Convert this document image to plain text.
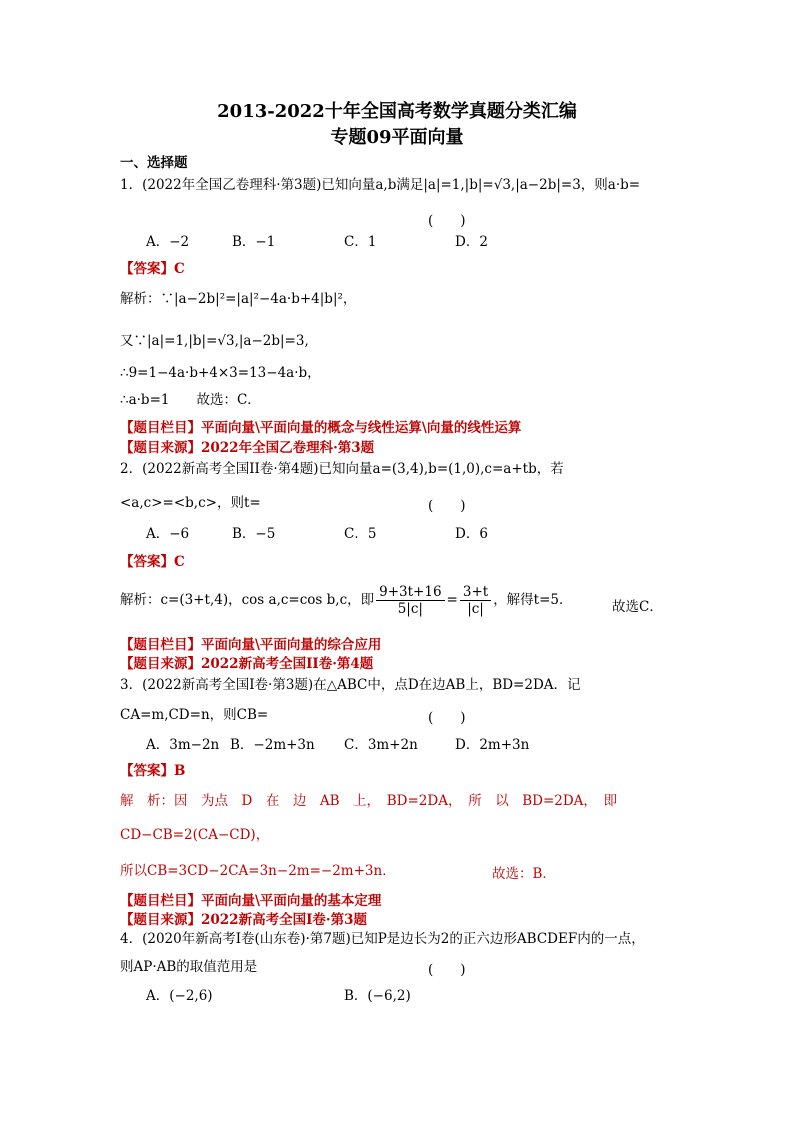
2013-2022十年全国高考数学真题分类汇编
专题09平面向量
一、选择题
1．(2022年全国乙卷理科·第3题)已知向量a,b满足|a|=1,|b|=√3,|a−2b|=3，则a·b=
(　　)
A．−2	B．−1	C．1	D．2
【答案】C
解析：∵|a−2b|²=|a|²−4a·b+4|b|²，
又∵|a|=1,|b|=√3,|a−2b|=3,
∴9=1−4a·b+4×3=13−4a·b，
∴a·b=1　　故选：C．
【题目栏目】平面向量\平面向量的概念与线性运算\向量的线性运算
【题目来源】2022年全国乙卷理科·第3题
2．(2022新高考全国II卷·第4题)已知向量a=(3,4),b=(1,0),c=a+tb，若
<a,c>=<b,c>，则t=	(　　)
A．−6	B．−5	C．5	D．6
【答案】C
解析：c=(3+t,4)，cos a,c=cos b,c，即 $\frac{9+3t+16}{5|c|} = \frac{3+t}{|c|}$ ，解得t=5．	故选C．
【题目栏目】平面向量\平面向量的综合应用
【题目来源】2022新高考全国II卷·第4题
3．(2022新高考全国I卷·第3题)在△ABC中，点D在边AB上，BD=2DA．记
CA=m,CD=n，则CB=	(　　)
A．3m−2n B．−2m+3n C．3m+2n	D．2m+3n
【答案】B
解　析：因　为点　D　在　边　AB　上，　BD=2DA，　所　以　BD=2DA，　即
CD−CB=2(CA−CD)，
所以CB=3CD−2CA=3n−2m=−2m+3n．	故选：B．
【题目栏目】平面向量\平面向量的基本定理
【题目来源】2022新高考全国I卷·第3题
4．(2020年新高考I卷(山东卷)·第7题)已知P是边长为2的正六边形ABCDEF内的一点，
则AP·AB的取值范用是	(　　)
A．(−2,6)	B．(−6,2)
